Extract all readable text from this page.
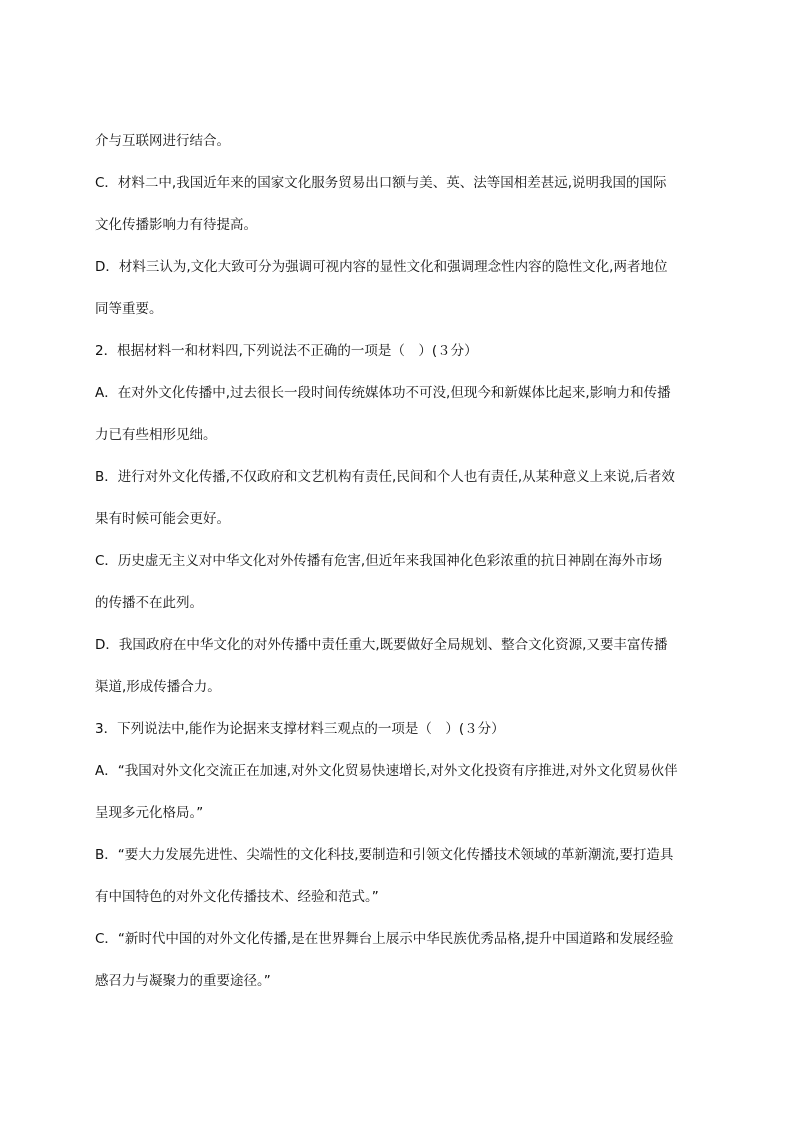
介与互联网进行结合。
C．材料二中,我国近年来的国家文化服务贸易出口额与美、英、法等国相差甚远,说明我国的国际
文化传播影响力有待提高。
D．材料三认为,文化大致可分为强调可视内容的显性文化和强调理念性内容的隐性文化,两者地位
同等重要。
2．根据材料一和材料四,下列说法不正确的一项是（　）(３分）
A．在对外文化传播中,过去很长一段时间传统媒体功不可没,但现今和新媒体比起来,影响力和传播
力已有些相形见绌。
B．进行对外文化传播,不仅政府和文艺机构有责任,民间和个人也有责任,从某种意义上来说,后者效
果有时候可能会更好。
C．历史虚无主义对中华文化对外传播有危害,但近年来我国神化色彩浓重的抗日神剧在海外市场
的传播不在此列。
D．我国政府在中华文化的对外传播中责任重大,既要做好全局规划、整合文化资源,又要丰富传播
渠道,形成传播合力。
3．下列说法中,能作为论据来支撑材料三观点的一项是（　）(３分）
A．“我国对外文化交流正在加速,对外文化贸易快速增长,对外文化投资有序推进,对外文化贸易伙伴
呈现多元化格局。”
B．“要大力发展先进性、尖端性的文化科技,要制造和引领文化传播技术领域的革新潮流,要打造具
有中国特色的对外文化传播技术、经验和范式。”
C．“新时代中国的对外文化传播,是在世界舞台上展示中华民族优秀品格,提升中国道路和发展经验
感召力与凝聚力的重要途径。”
